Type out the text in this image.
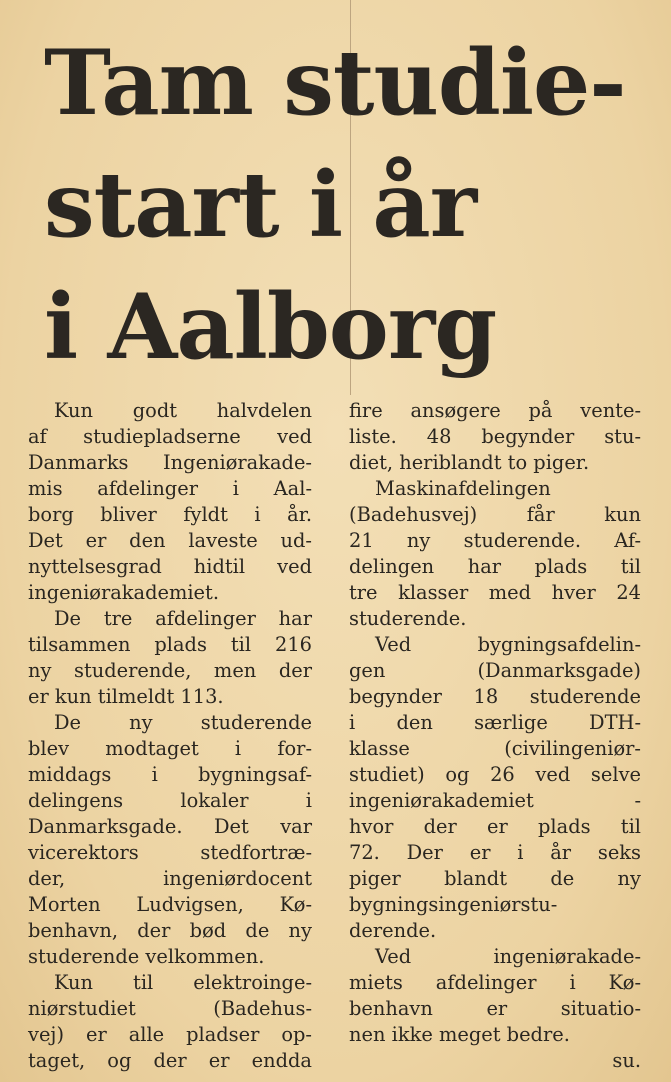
Tam studie-
start i år
i Aalborg
Kun godt halvdelen
af studiepladserne ved
Danmarks Ingeniørakade-
mis afdelinger i Aal-
borg bliver fyldt i år.
Det er den laveste ud-
nyttelsesgrad hidtil ved
ingeniørakademiet.
De tre afdelinger har
tilsammen plads til 216
ny studerende, men der
er kun tilmeldt 113.
De ny studerende
blev modtaget i for-
middags i bygningsaf-
delingens lokaler i
Danmarksgade. Det var
vicerektors stedfortræ-
der, ingeniørdocent
Morten Ludvigsen, Kø-
benhavn, der bød de ny
studerende velkommen.
Kun til elektroinge-
niørstudiet (Badehus-
vej) er alle pladser op-
taget, og der er endda
fire ansøgere på vente-
liste. 48 begynder stu-
diet, heriblandt to piger.
Maskinafdelingen
(Badehusvej) får kun
21 ny studerende. Af-
delingen har plads til
tre klasser med hver 24
studerende.
Ved bygningsafdelin-
gen (Danmarksgade)
begynder 18 studerende
i den særlige DTH-
klasse (civilingeniør-
studiet) og 26 ved selve
ingeniørakademiet -
hvor der er plads til
72. Der er i år seks
piger blandt de ny
bygningsingeniørstu-
derende.
Ved ingeniørakade-
miets afdelinger i Kø-
benhavn er situatio-
nen ikke meget bedre.
su.
